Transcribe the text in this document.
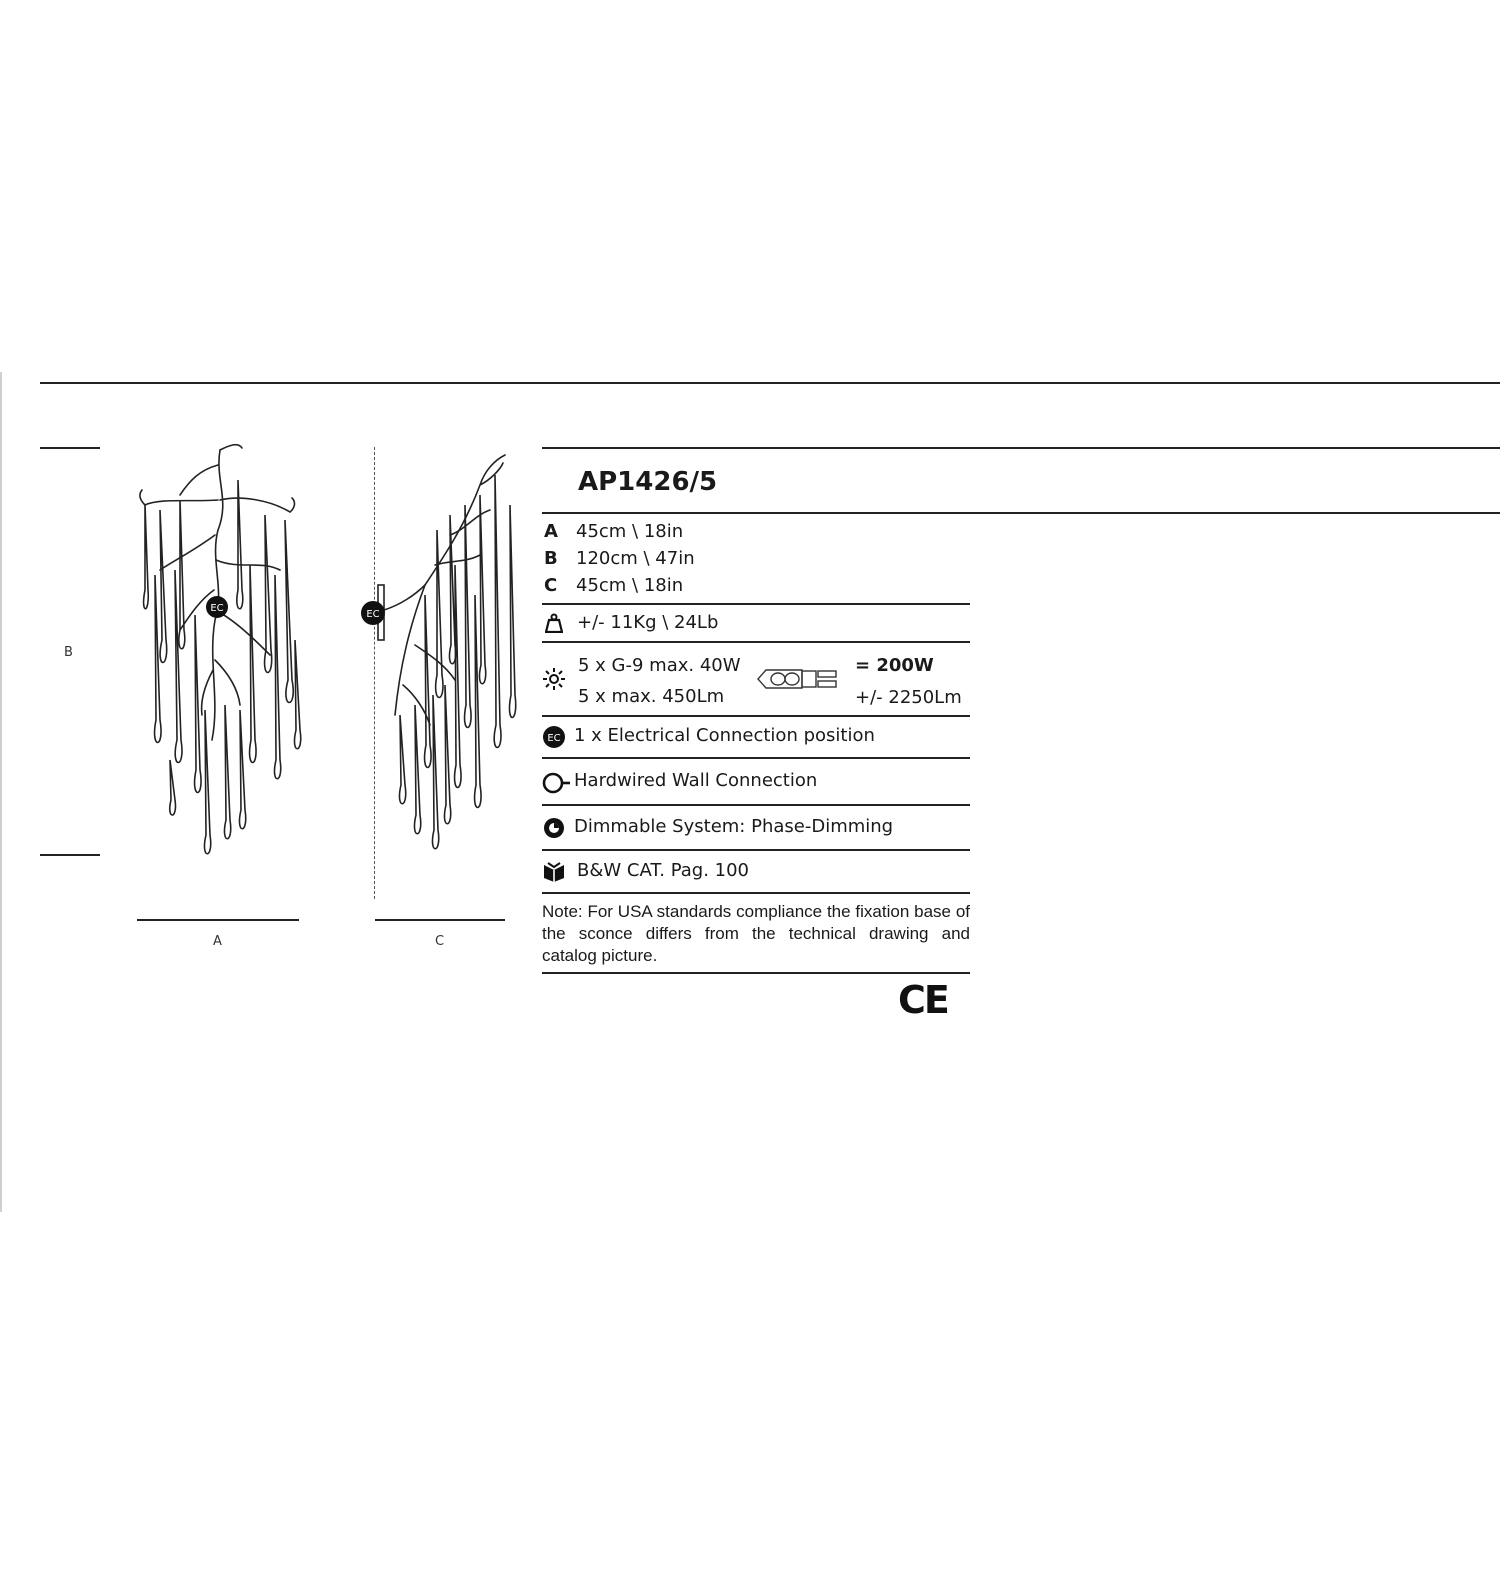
B
EC
A
EC
C
AP1426/5
A 45cm \ 18in
B 120cm \ 47in
C 45cm \ 18in
+/- 11Kg \ 24Lb
5 x G-9 max. 40W
5 x max. 450Lm
= 200W
+/- 2250Lm
EC 1 x Electrical Connection position
Hardwired Wall Connection
Dimmable System: Phase-Dimming
B&W CAT. Pag. 100
Note: For USA standards compliance the fixation base of the sconce differs from the technical drawing and catalog picture.
CE
